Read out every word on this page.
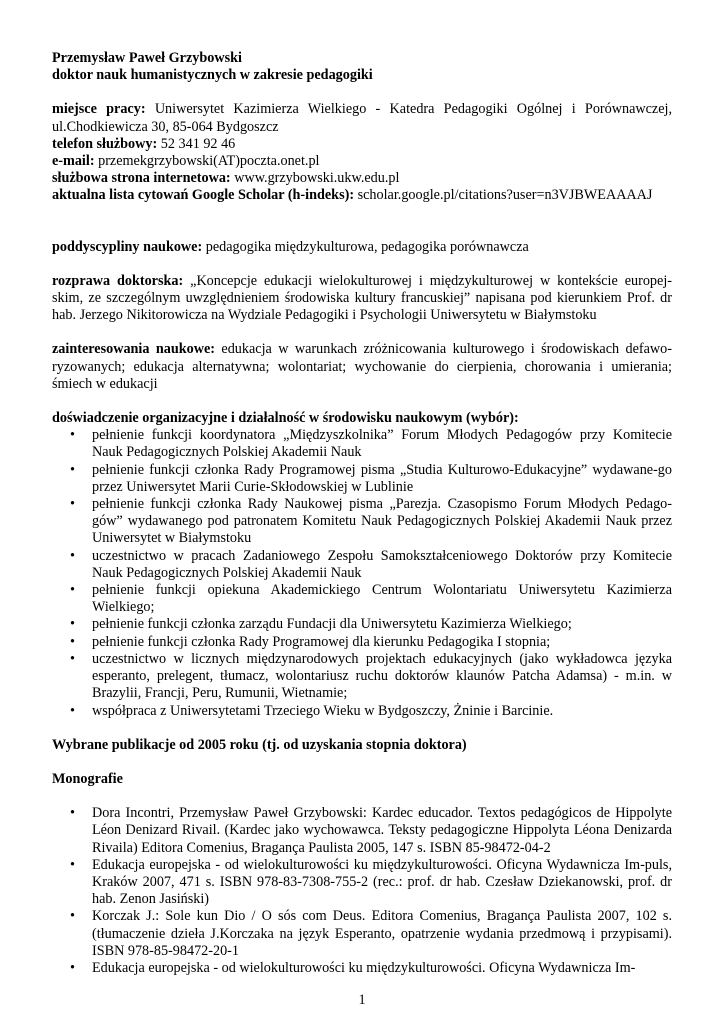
Przemysław Paweł Grzybowski

doktor nauk humanistycznych w zakresie pedagogiki

miejsce pracy: Uniwersytet Kazimierza Wielkiego - Katedra Pedagogiki Ogólnej i Porównawczej, ul.Chodkiewicza 30, 85-064 Bydgoszcz

telefon służbowy: 52 341 92 46

e-mail: przemekgrzybowski(AT)poczta.onet.pl

służbowa strona internetowa: www.grzybowski.ukw.edu.pl

aktualna lista cytowań Google Scholar (h-indeks): scholar.google.pl/citations?user=n3VJBWEAAAAJ

poddyscypliny naukowe: pedagogika międzykulturowa, pedagogika porównawcza

rozprawa doktorska: „Koncepcje edukacji wielokulturowej i międzykulturowej w kontekście europej-skim, ze szczególnym uwzględnieniem środowiska kultury francuskiej” napisana pod kierunkiem Prof. dr hab. Jerzego Nikitorowicza na Wydziale Pedagogiki i Psychologii Uniwersytetu w Białymstoku

zainteresowania naukowe: edukacja w warunkach zróżnicowania kulturowego i środowiskach defawo-ryzowanych; edukacja alternatywna; wolontariat; wychowanie do cierpienia, chorowania i umierania; śmiech w edukacji

doświadczenie organizacyjne i działalność w środowisku naukowym (wybór):

• pełnienie funkcji koordynatora „Międzyszkolnika” Forum Młodych Pedagogów przy Komitecie Nauk Pedagogicznych Polskiej Akademii Nauk
• pełnienie funkcji członka Rady Programowej pisma „Studia Kulturowo-Edukacyjne” wydawane-go przez Uniwersytet Marii Curie-Skłodowskiej w Lublinie
• pełnienie funkcji członka Rady Naukowej pisma „Parezja. Czasopismo Forum Młodych Pedago-gów” wydawanego pod patronatem Komitetu Nauk Pedagogicznych Polskiej Akademii Nauk przez Uniwersytet w Białymstoku
• uczestnictwo w pracach Zadaniowego Zespołu Samokształceniowego Doktorów przy Komitecie Nauk Pedagogicznych Polskiej Akademii Nauk
• pełnienie funkcji opiekuna Akademickiego Centrum Wolontariatu Uniwersytetu Kazimierza Wielkiego;
• pełnienie funkcji członka zarządu Fundacji dla Uniwersytetu Kazimierza Wielkiego;
• pełnienie funkcji członka Rady Programowej dla kierunku Pedagogika I stopnia;
• uczestnictwo w licznych międzynarodowych projektach edukacyjnych (jako wykładowca języka esperanto, prelegent, tłumacz, wolontariusz ruchu doktorów klaunów Patcha Adamsa) - m.in. w Brazylii, Francji, Peru, Rumunii, Wietnamie;
• współpraca z Uniwersytetami Trzeciego Wieku w Bydgoszczy, Żninie i Barcinie.

Wybrane publikacje od 2005 roku (tj. od uzyskania stopnia doktora)

Monografie

• Dora Incontri, Przemysław Paweł Grzybowski: Kardec educador. Textos pedagógicos de Hippolyte Léon Denizard Rivail. (Kardec jako wychowawca. Teksty pedagogiczne Hippolyta Léona Denizarda Rivaila) Editora Comenius, Bragança Paulista 2005, 147 s. ISBN 85-98472-04-2
• Edukacja europejska - od wielokulturowości ku międzykulturowości. Oficyna Wydawnicza Im-puls, Kraków 2007, 471 s. ISBN 978-83-7308-755-2 (rec.: prof. dr hab. Czesław Dziekanowski, prof. dr hab. Zenon Jasiński)
• Korczak J.: Sole kun Dio / O sós com Deus. Editora Comenius, Bragança Paulista 2007, 102 s. (tłumaczenie dzieła J.Korczaka na język Esperanto, opatrzenie wydania przedmową i przypisami). ISBN 978-85-98472-20-1
• Edukacja europejska - od wielokulturowości ku międzykulturowości. Oficyna Wydawnicza Im-
1
